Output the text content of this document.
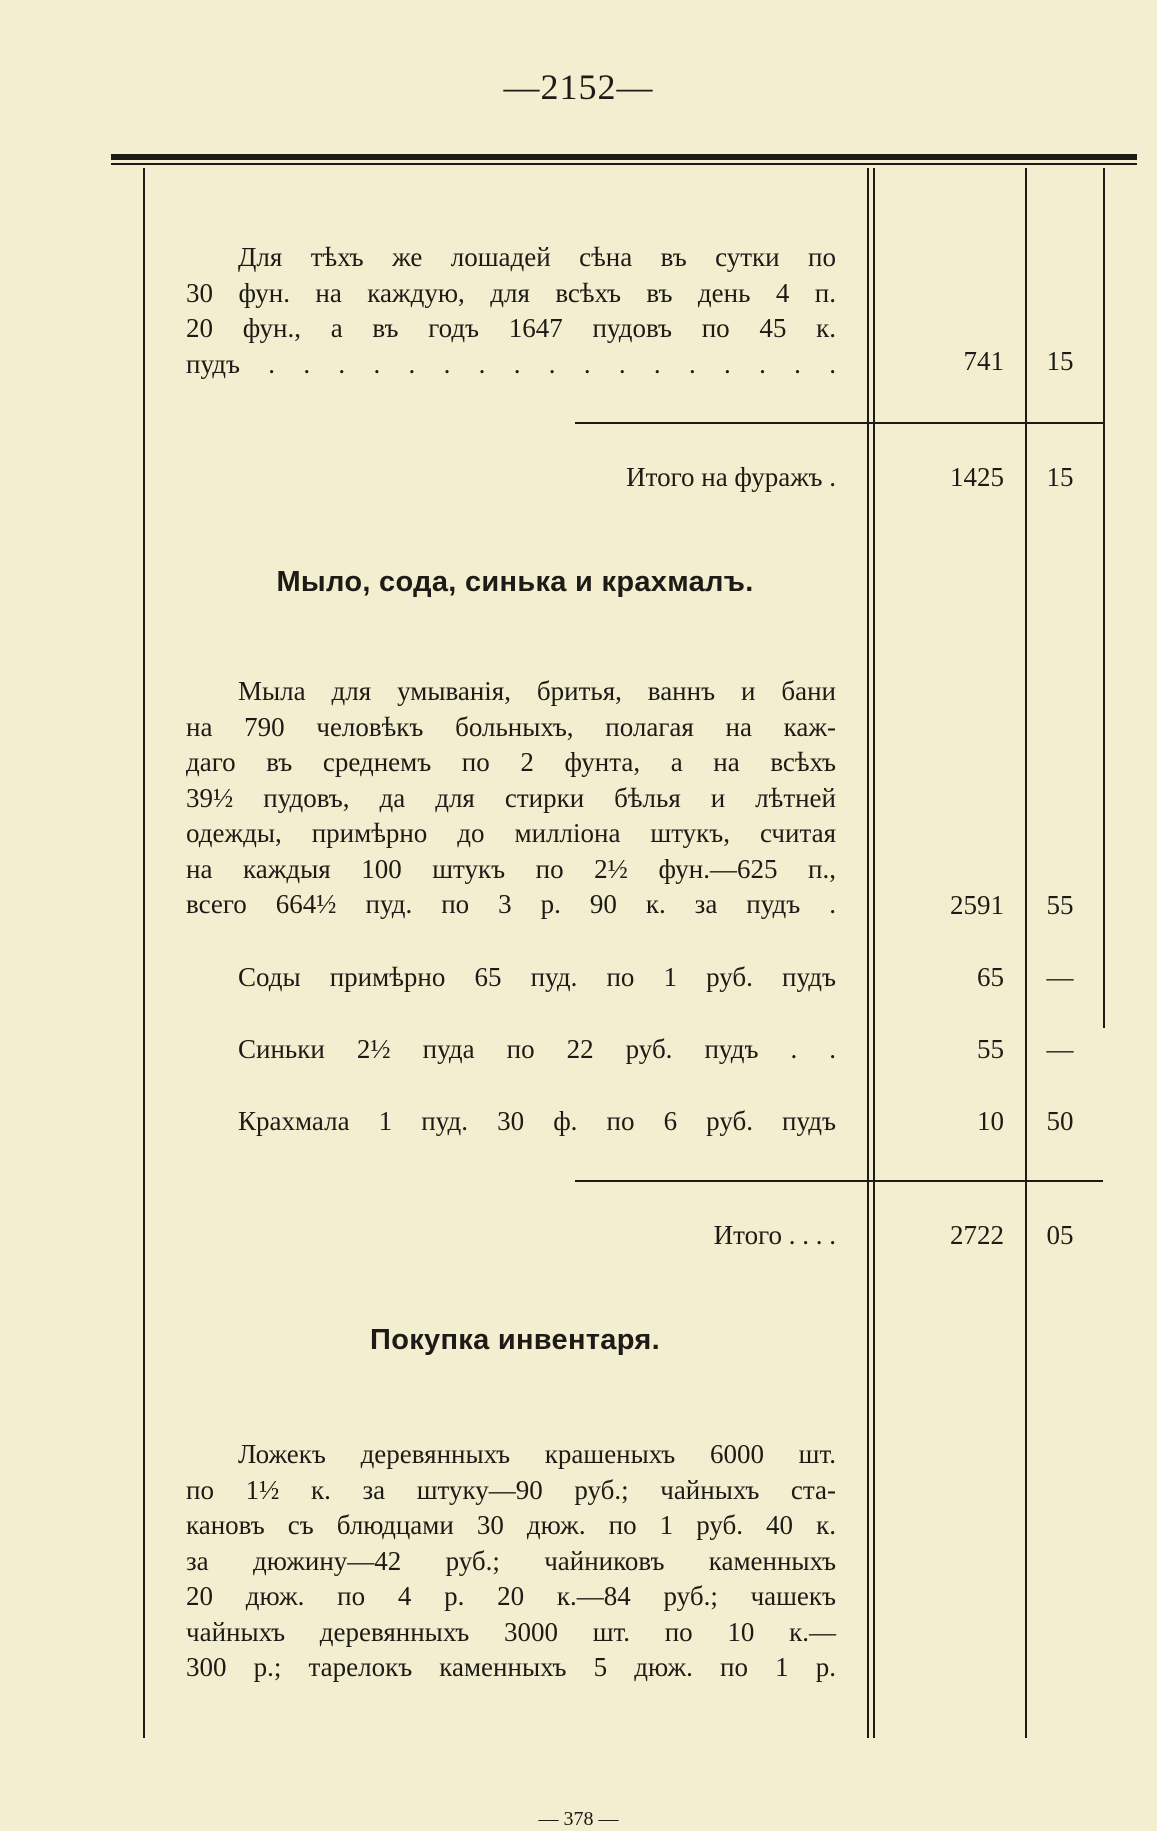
—2152—
Для тѣхъ же лошадей сѣна въ сутки по
30 фун. на каждую, для всѣхъ въ день 4 п.
20 фун., а въ годъ 1647 пудовъ по 45 к.
пудъ . . . . . . . . . . . . . . . . .	741	15
Итого на фуражъ .	1425	15
Мыло, сода, синька и крахмалъ.
Мыла для умыванiя, бритья, ваннъ и бани
на 790 человѣкъ больныхъ, полагая на каж-
даго въ среднемъ по 2 фунта, а на всѣхъ
39½ пудовъ, да для стирки бѣлья и лѣтней
одежды, примѣрно до милліона штукъ, считая
на каждыя 100 штукъ по 2½ фун.—625 п.,
всего 664½ пуд. по 3 р. 90 к. за пудъ .	2591	55
Соды примѣрно 65 пуд. по 1 руб. пудъ	65	—
Синьки 2½ пуда по 22 руб. пудъ . .	55	—
Крахмала 1 пуд. 30 ф. по 6 руб. пудъ	10	50
Итого . . . .	2722	05
Покупка инвентаря.
Ложекъ деревянныхъ крашеныхъ 6000 шт.
по 1½ к. за штуку—90 руб.; чайныхъ ста-
кановъ съ блюдцами 30 дюж. по 1 руб. 40 к.
за дюжину—42 руб.; чайниковъ каменныхъ
20 дюж. по 4 р. 20 к.—84 руб.; чашекъ
чайныхъ деревянныхъ 3000 шт. по 10 к.—
300 р.; тарелокъ каменныхъ 5 дюж. по 1 р.
— 378 —
